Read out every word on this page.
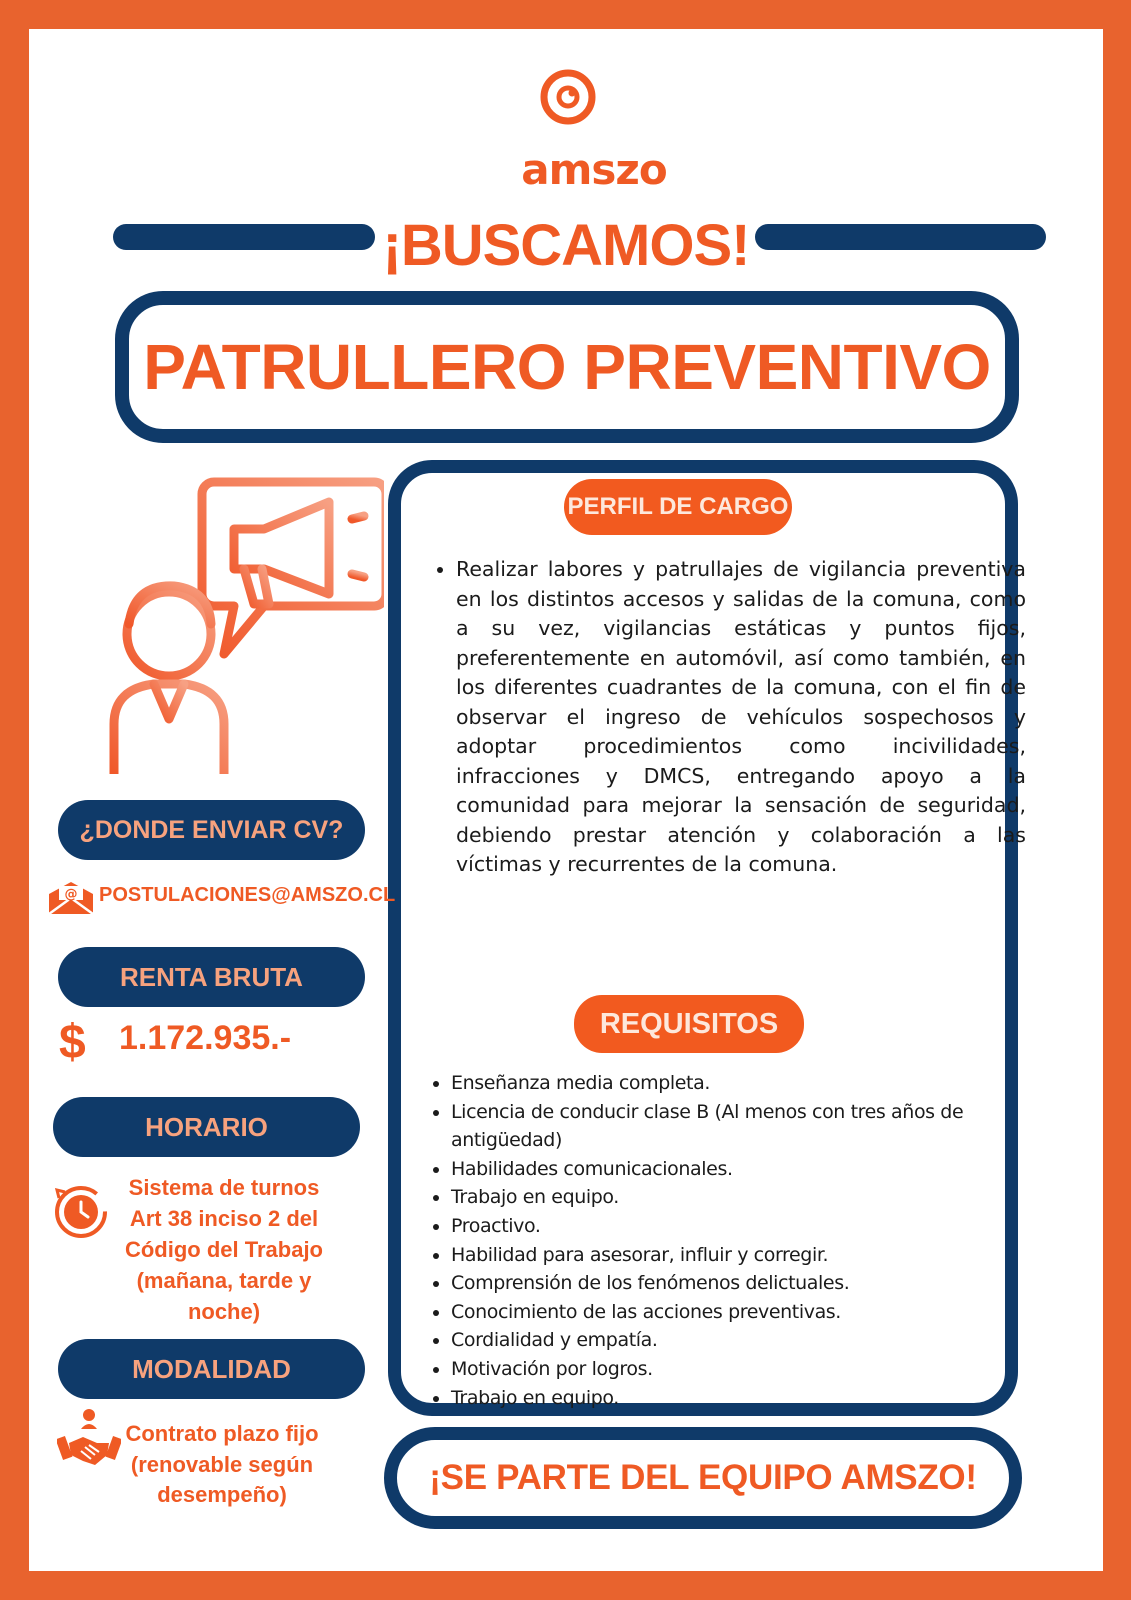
amszo
¡BUSCAMOS!
PATRULLERO PREVENTIVO
PERFIL DE CARGO
• Realizar labores y patrullajes de vigilancia preventiva en los distintos accesos y salidas de la comuna, como a su vez, vigilancias estáticas y puntos fijos, preferentemente en automóvil, así como también, en los diferentes cuadrantes de la comuna, con el fin de observar el ingreso de vehículos sospechosos y adoptar procedimientos como incivilidades, infracciones y DMCS, entregando apoyo a la comunidad para mejorar la sensación de seguridad, debiendo prestar atención y colaboración a las víctimas y recurrentes de la comuna.
REQUISITOS
• Enseñanza media completa.
• Licencia de conducir clase B (Al menos con tres años de antigüedad)
• Habilidades comunicacionales.
• Trabajo en equipo.
• Proactivo.
• Habilidad para asesorar, influir y corregir.
• Comprensión de los fenómenos delictuales.
• Conocimiento de las acciones preventivas.
• Cordialidad y empatía.
• Motivación por logros.
• Trabajo en equipo.
¿DONDE ENVIAR CV?
@ POSTULACIONES@AMSZO.CL
RENTA BRUTA
$ 1.172.935.-
HORARIO
Sistema de turnos
Art 38 inciso 2 del
Código del Trabajo
(mañana, tarde y
noche)
MODALIDAD
Contrato plazo fijo
(renovable según
desempeño)	¡SE PARTE DEL EQUIPO AMSZO!
